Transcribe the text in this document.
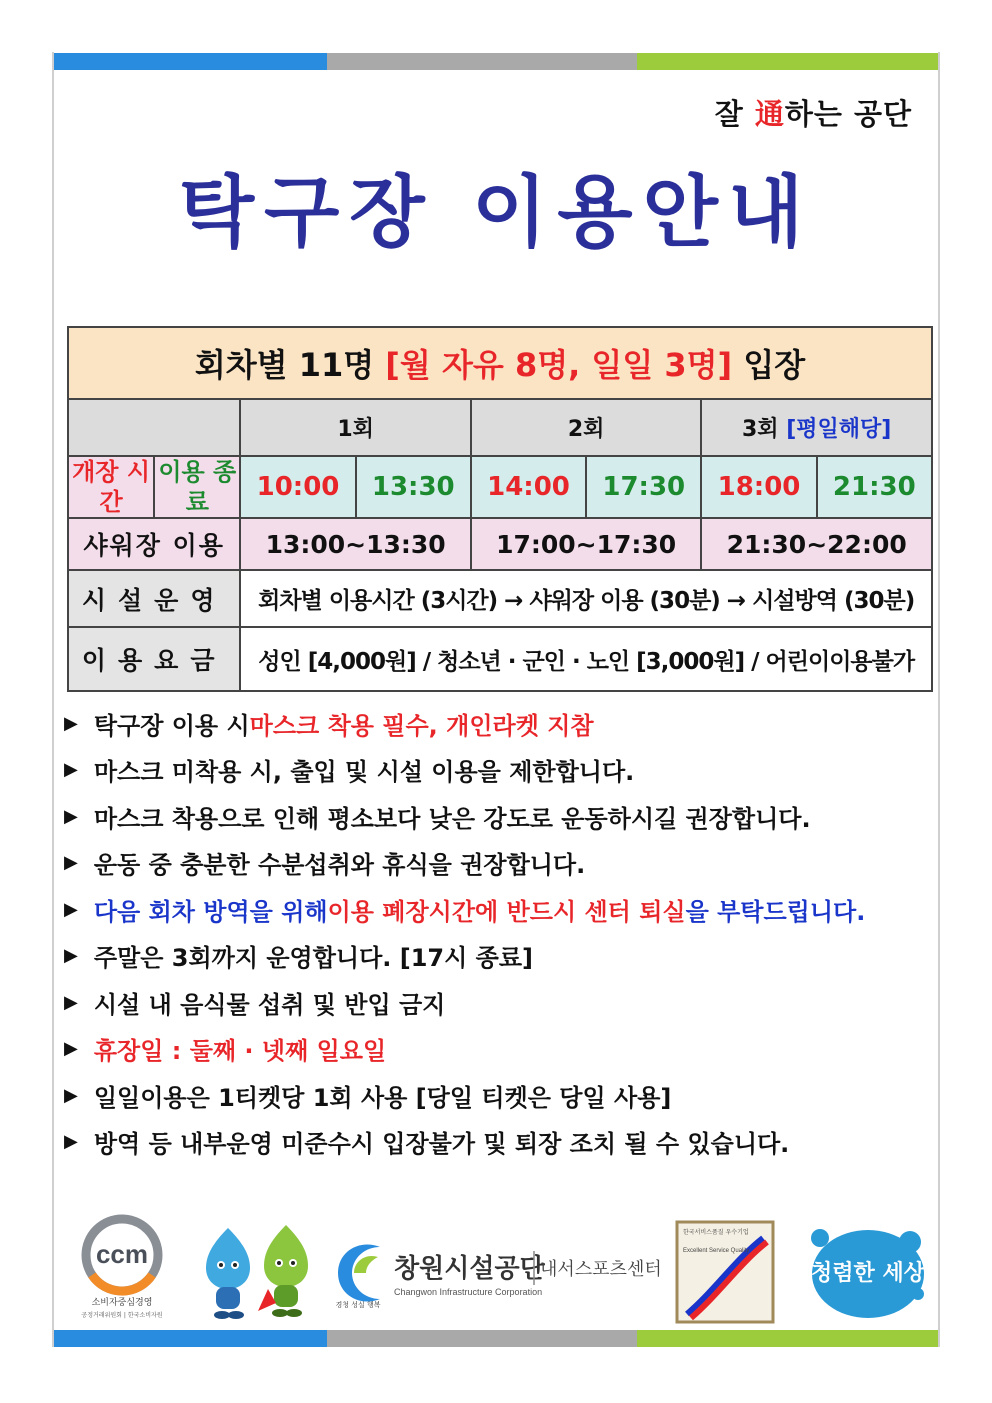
잘 通하는 공단
탁구장 이용안내
회차별 11명 [월 자유 8명, 일일 3명] 입장							
		1회		2회		3회 [평일해당]	
개장 시간	이용 종료	10:00	13:30	14:00	17:30	18:00	21:30
샤워장 이용		13:00~13:30		17:00~17:30		21:30~22:00	
시설운영		회차별 이용시간 (3시간) → 샤워장 이용 (30분) → 시설방역 (30분)					
이용요금		성인 [4,000원] / 청소년 · 군인 · 노인 [3,000원] / 어린이이용불가					
▶ 탁구장 이용 시 마스크 착용 필수, 개인라켓 지참
▶ 마스크 미착용 시, 출입 및 시설 이용을 제한합니다.
▶ 마스크 착용으로 인해 평소보다 낮은 강도로 운동하시길 권장합니다.
▶ 운동 중 충분한 수분섭취와 휴식을 권장합니다.
▶ 다음 회차 방역을 위해 이용 폐장시간에 반드시 센터 퇴실 을 부탁드립니다.
▶ 주말은 3회까지 운영합니다. [17시 종료]
▶ 시설 내 음식물 섭취 및 반입 금지
▶ 휴장일 : 둘째 · 넷째 일요일
▶ 일일이용은 1티켓당 1회 사용 [당일 티켓은 당일 사용]
▶ 방역 등 내부운영 미준수시 입장불가 및 퇴장 조치 될 수 있습니다.
ccm
소비자중심경영
공정거래위원회 | 한국소비자원
경청 성실 행복
창원시설공단
내서스포츠센터
Changwon Infrastructure Corporation
한국서비스품질 우수기업
Excellent Service Quality
청렴한 세상
